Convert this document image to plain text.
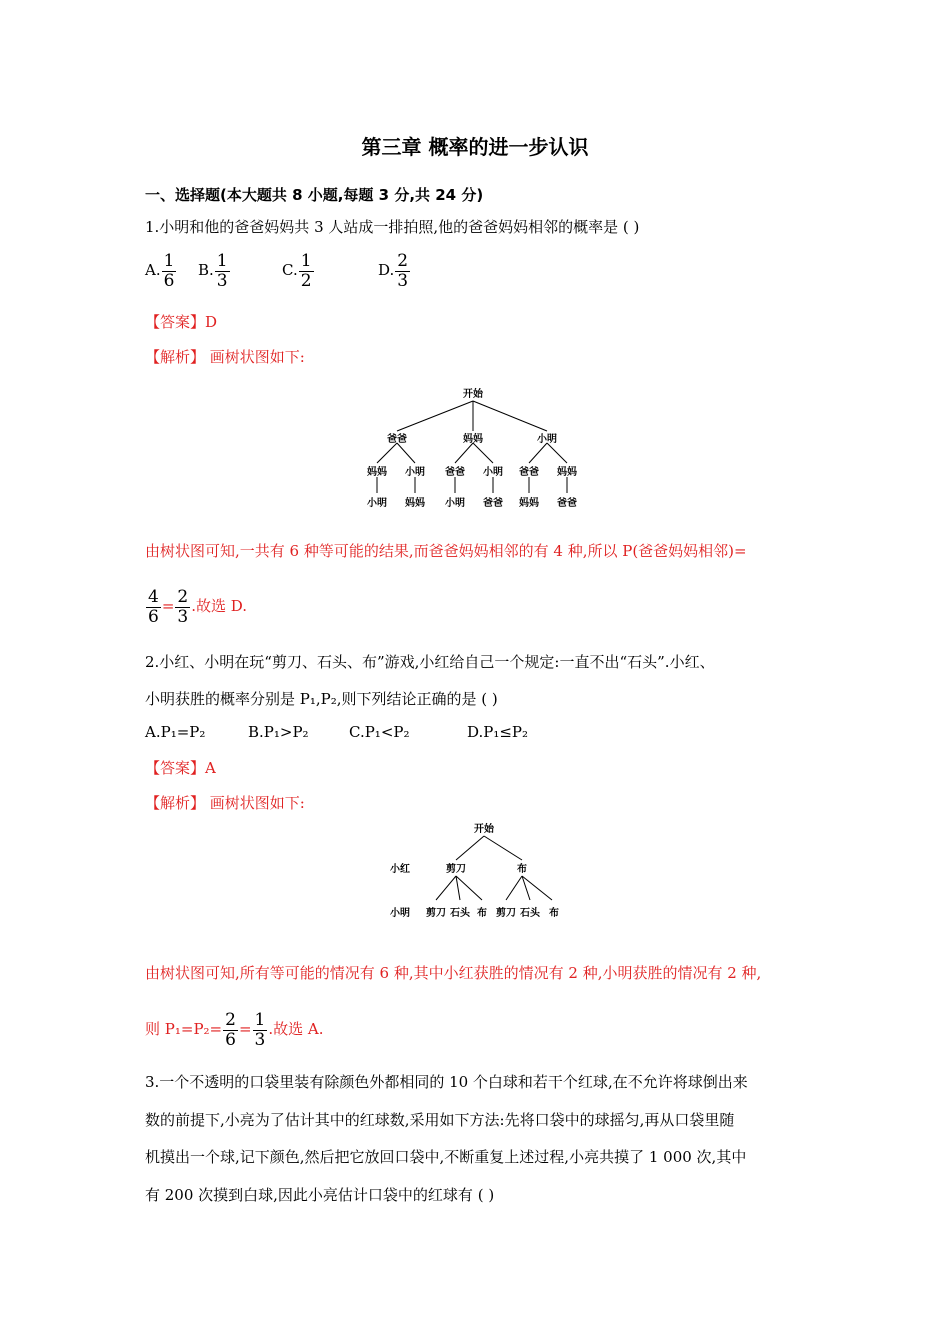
第三章 概率的进一步认识
一、选择题(本大题共 8 小题,每题 3 分,共 24 分)
1.小明和他的爸爸妈妈共 3 人站成一排拍照,他的爸爸妈妈相邻的概率是 ( )
A. $\frac{1}{6} B$. $\frac{1}{3}$	C. $\frac{1}{2}$	D. $\frac{2}{3}$
【答案】D
【解析】 画树状图如下:
开始
爸爸	妈妈	小明
妈妈 小明 爸爸 小明 爸爸 妈妈
小明 妈妈 小明 爸爸 妈妈 爸爸
由树状图可知,一共有 6 种等可能的结果,而爸爸妈妈相邻的有 4 种,所以 P(爸爸妈妈相邻)=
$\frac{4}{6} = \frac{2}{3}$ .故选 D.
2.小红、小明在玩“剪刀、石头、布”游戏,小红给自己一个规定:一直不出“石头”.小红、
小明获胜的概率分别是 P₁,P₂,则下列结论正确的是 ( )
A.P₁=P₂	B.P₁>P₂	C.P₁<P₂	D.P₁≤P₂
【答案】A
【解析】 画树状图如下:
开始
小红	剪刀	布
小明 剪刀 石头 布 剪刀 石头 布
由树状图可知,所有等可能的情况有 6 种,其中小红获胜的情况有 2 种,小明获胜的情况有 2 种,
则 $P_1=P_2= \frac{2}{6} = \frac{1}{3}$ .故选 A.
3.一个不透明的口袋里装有除颜色外都相同的 10 个白球和若干个红球,在不允许将球倒出来
数的前提下,小亮为了估计其中的红球数,采用如下方法:先将口袋中的球摇匀,再从口袋里随
机摸出一个球,记下颜色,然后把它放回口袋中,不断重复上述过程,小亮共摸了 1 000 次,其中
有 200 次摸到白球,因此小亮估计口袋中的红球有 ( )
